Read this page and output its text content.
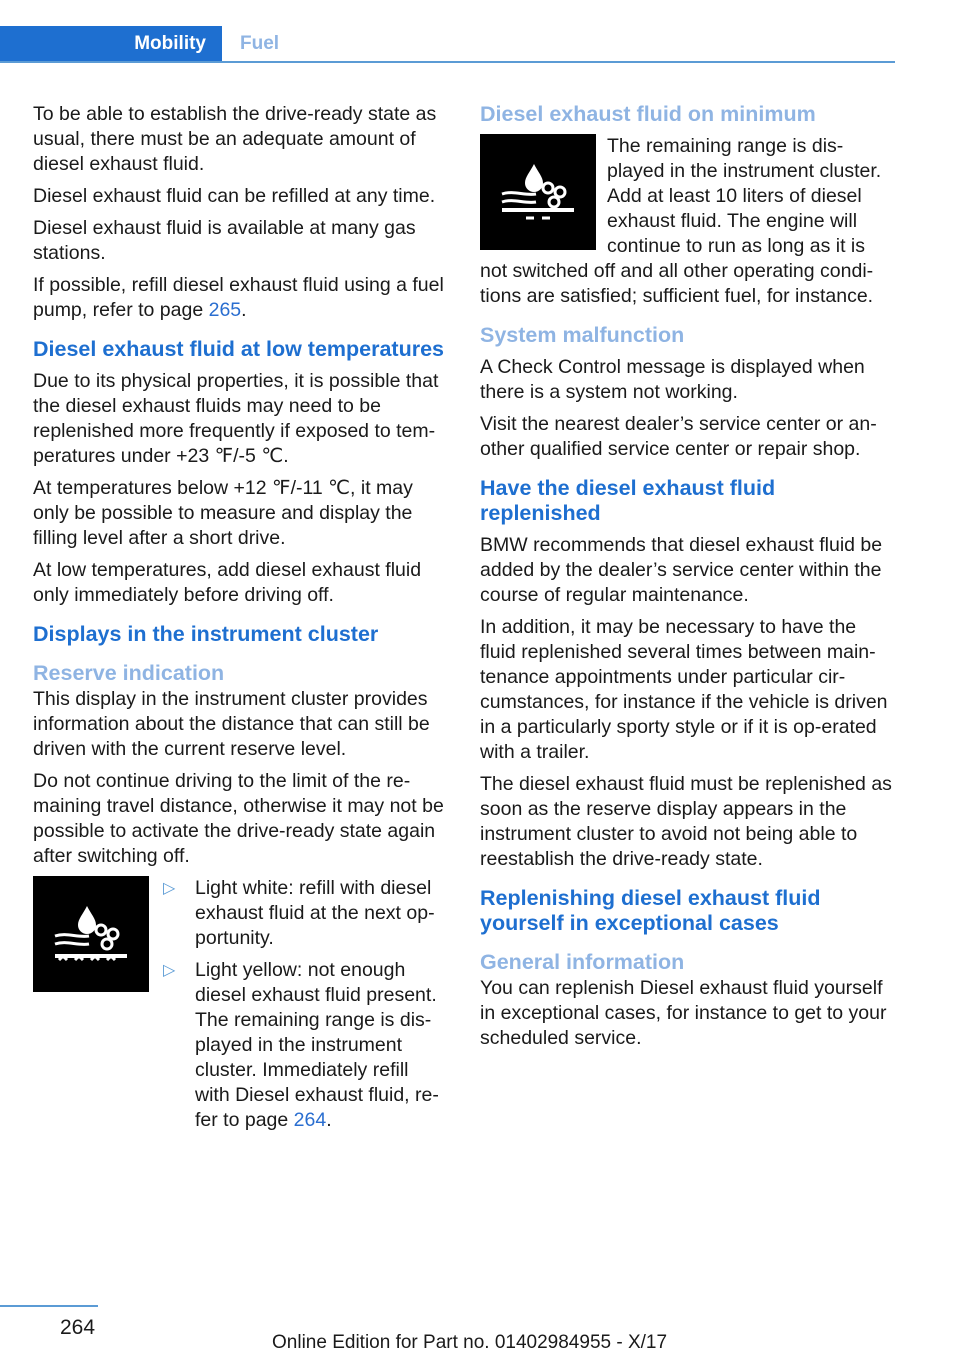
Mobility	Fuel

To be able to establish the drive-ready state as usual, there must be an adequate amount of diesel exhaust fluid.

Diesel exhaust fluid can be refilled at any time.

Diesel exhaust fluid is available at many gas stations.

If possible, refill diesel exhaust fluid using a fuel pump, refer to page 265.

Diesel exhaust fluid at low temperatures

Due to its physical properties, it is possible that the diesel exhaust fluids may need to be replenished more frequently if exposed to tem-peratures under +23 ℉/-5 ℃.

At temperatures below +12 ℉/-11 ℃, it may only be possible to measure and display the filling level after a short drive.

At low temperatures, add diesel exhaust fluid only immediately before driving off.

Displays in the instrument cluster
Reserve indication

This display in the instrument cluster provides information about the distance that can still be driven with the current reserve level.

Do not continue driving to the limit of the re-maining travel distance, otherwise it may not be possible to activate the drive-ready state again after switching off.

▷	Light white: refill with diesel exhaust fluid at the next op-portunity.
▷	Light yellow: not enough diesel exhaust fluid present. The remaining range is dis-played in the instrument cluster. Immediately refill with Diesel exhaust fluid, re-fer to page 264.
Diesel exhaust fluid on minimum

The remaining range is dis-played in the instrument cluster. Add at least 10 liters of diesel exhaust fluid. The engine will continue to run as long as it is not switched off and all other operating condi-tions are satisfied; sufficient fuel, for instance.

System malfunction

A Check Control message is displayed when there is a system not working.

Visit the nearest dealer’s service center or an-other qualified service center or repair shop.

Have the diesel exhaust fluid replenished

BMW recommends that diesel exhaust fluid be added by the dealer’s service center within the course of regular maintenance.

In addition, it may be necessary to have the fluid replenished several times between main-tenance appointments under particular cir-cumstances, for instance if the vehicle is driven in a particularly sporty style or if it is op-erated with a trailer.

The diesel exhaust fluid must be replenished as soon as the reserve display appears in the instrument cluster to avoid not being able to reestablish the drive-ready state.

Replenishing diesel exhaust fluid yourself in exceptional cases
General information

You can replenish Diesel exhaust fluid yourself in exceptional cases, for instance to get to your scheduled service.

264
Online Edition for Part no. 01402984955 - X/17
